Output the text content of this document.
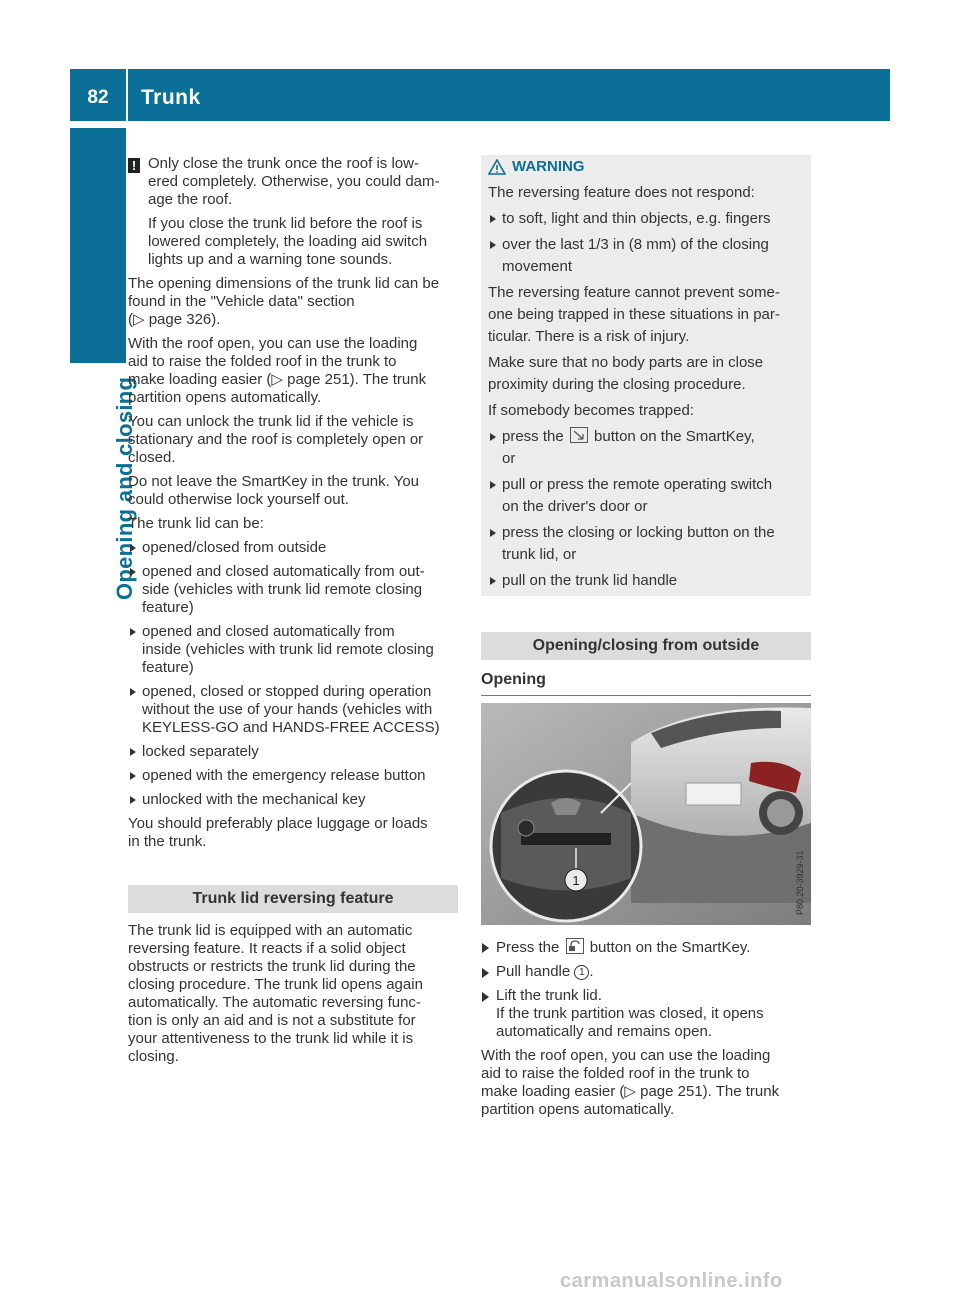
82	Trunk
Opening and closing

! Only close the trunk once the roof is low-
ered completely. Otherwise, you could dam-
age the roof.

If you close the trunk lid before the roof is
lowered completely, the loading aid switch
lights up and a warning tone sounds.

The opening dimensions of the trunk lid can be
found in the "Vehicle data" section
(▷ page 326).

With the roof open, you can use the loading
aid to raise the folded roof in the trunk to
make loading easier (▷ page 251). The trunk
partition opens automatically.

You can unlock the trunk lid if the vehicle is
stationary and the roof is completely open or
closed.

Do not leave the SmartKey in the trunk. You
could otherwise lock yourself out.

The trunk lid can be:

opened/closed from outside

opened and closed automatically from out-
side (vehicles with trunk lid remote closing
feature)

opened and closed automatically from
inside (vehicles with trunk lid remote closing
feature)

opened, closed or stopped during operation
without the use of your hands (vehicles with
KEYLESS-GO and HANDS-FREE ACCESS)

locked separately

opened with the emergency release button

unlocked with the mechanical key

You should preferably place luggage or loads
in the trunk.

Trunk lid reversing feature

The trunk lid is equipped with an automatic
reversing feature. It reacts if a solid object
obstructs or restricts the trunk lid during the
closing procedure. The trunk lid opens again
automatically. The automatic reversing func-
tion is only an aid and is not a substitute for
your attentiveness to the trunk lid while it is
closing.

WARNING

The reversing feature does not respond:

to soft, light and thin objects, e.g. fingers

over the last 1/3 in (8 mm) of the closing
movement

The reversing feature cannot prevent some-
one being trapped in these situations in par-
ticular. There is a risk of injury.

Make sure that no body parts are in close
proximity during the closing procedure.

If somebody becomes trapped:

press the button on the SmartKey,
or

pull or press the remote operating switch
on the driver's door or

press the closing or locking button on the
trunk lid, or

pull on the trunk lid handle

Opening/closing from outside
Opening
1	P80.20-3929-31

Press the button on the SmartKey.

Pull handle 1 .

Lift the trunk lid.
If the trunk partition was closed, it opens
automatically and remains open.

With the roof open, you can use the loading
aid to raise the folded roof in the trunk to
make loading easier (▷ page 251). The trunk
partition opens automatically.

carmanualsonline.info
